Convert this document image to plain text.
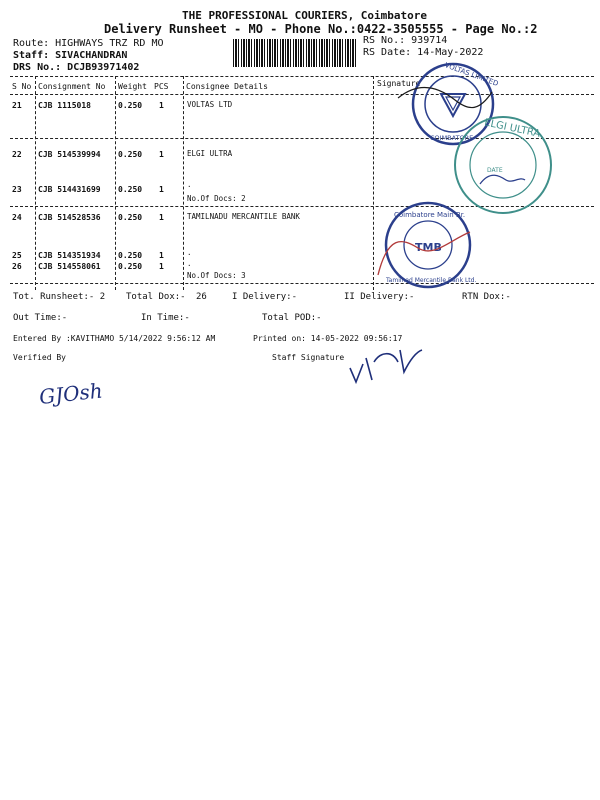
THE PROFESSIONAL COURIERS, Coimbatore
Delivery Runsheet - MO - Phone No.:0422-3505555 - Page No.:2
Route: HIGHWAYS TRZ RD MO
Staff: SIVACHANDRAN
DRS No.: DCJB93971402
RS No.: 939714
RS Date: 14-May-2022
S No Consignment No Weight PCS Consignee Details	Signature
21 CJB 1115018	0.250 1	VOLTAS LTD
22 CJB 514539994 0.250 1	ELGI ULTRA
23 CJB 514431699 0.250 1
.
No.Of Docs: 2
24 CJB 514528536 0.250 1	TAMILNADU MERCANTILE BANK
25 CJB 514351934 0.250 1	.
26 CJB 514558061 0.250 1	.
No.Of Docs: 3
Tot. Runsheet:- 2 Total Dox:- 26	I Delivery:-	II Delivery:-	RTN Dox:-
Out Time:-	In Time:-	Total POD:-
Entered By :KAVITHAMO 5/14/2022 9:56:12 AM	Printed on: 14-05-2022 09:56:17
Verified By	Staff Signature
VOLTAS LIMITED
COIMBATORE ELGI ULTRA
DATE
Coimbatore Main Br.
Tamilnad Mercantile Bank Ltd.
TMB
GJOsh
